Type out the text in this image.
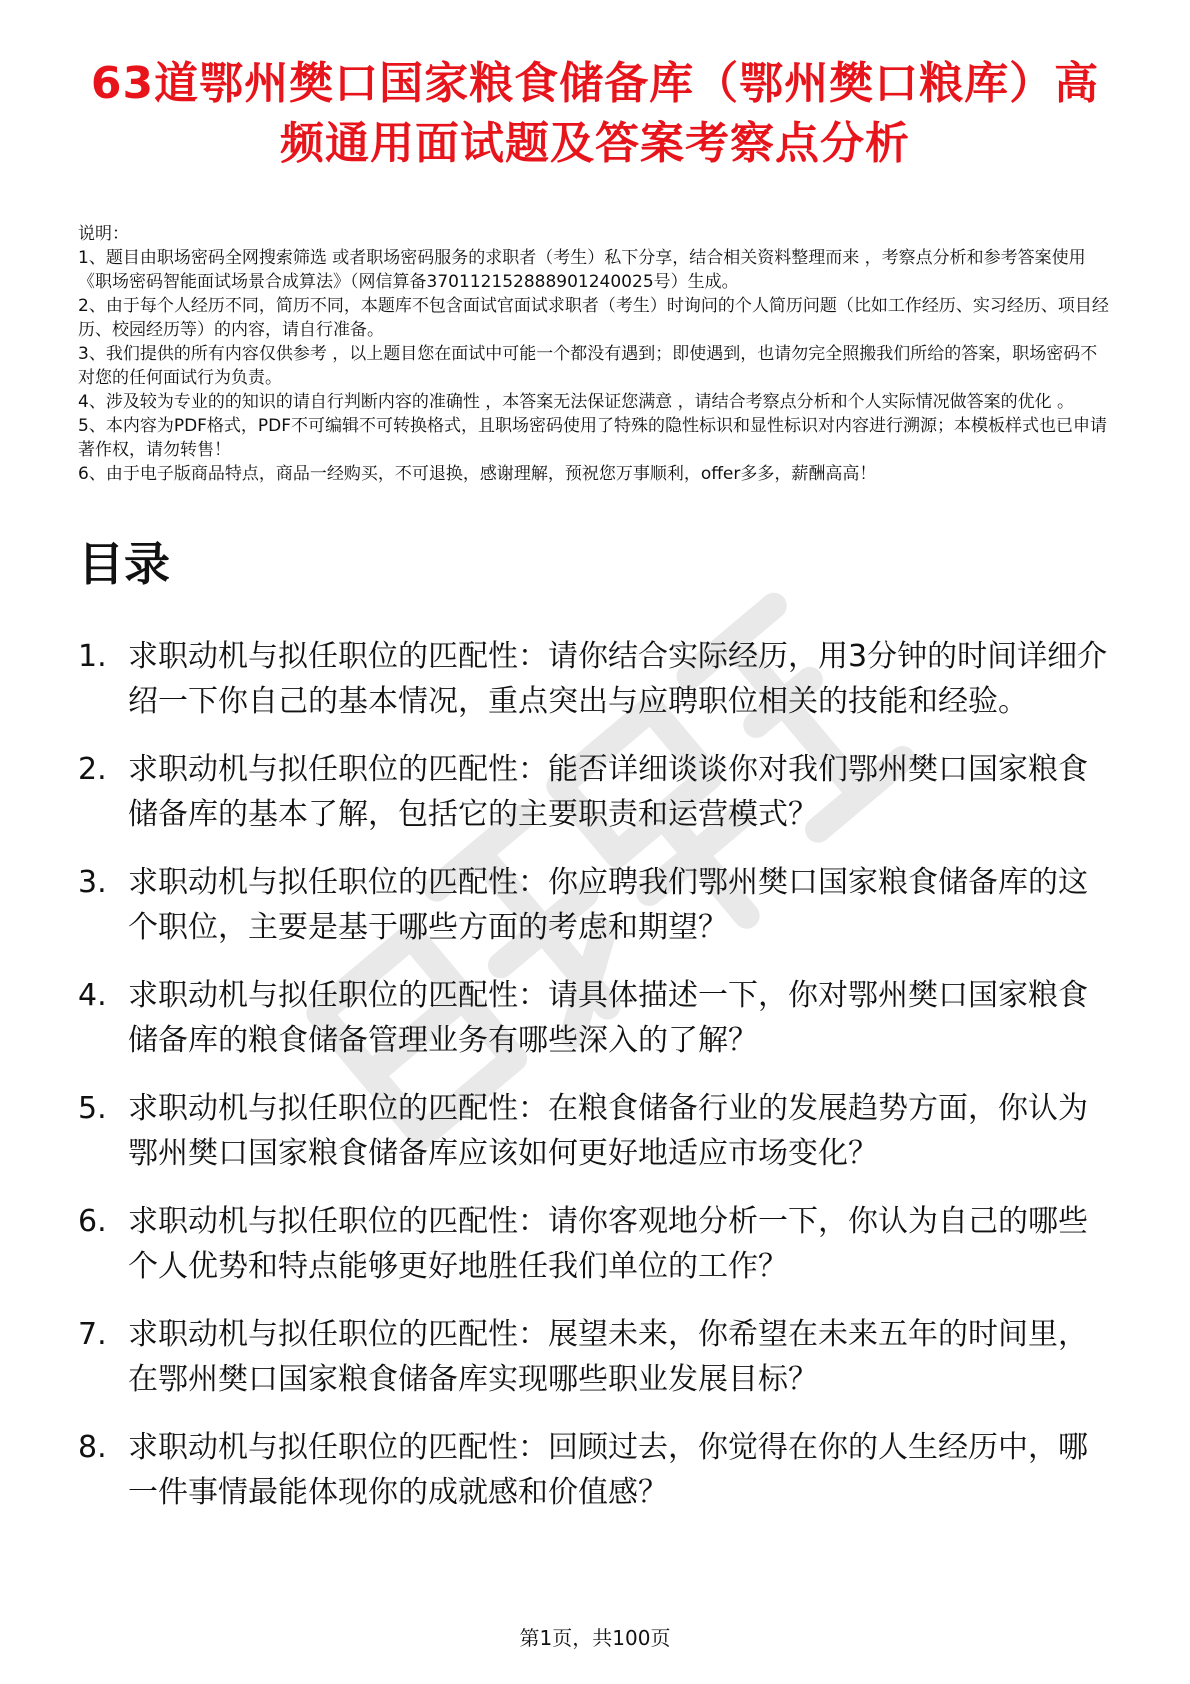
63道鄂州樊口国家粮食储备库（鄂州樊口粮库）高频通用面试题及答案考察点分析

说明：

1、题目由职场密码全网搜索筛选 或者职场密码服务的求职者（考生）私下分享，结合相关资料整理而来 ，考察点分析和参考答案使用《职场密码智能面试场景合成算法》（网信算备370112152888901240025号）生成。

2、由于每个人经历不同，简历不同，本题库不包含面试官面试求职者（考生）时询问的个人简历问题（比如工作经历、实习经历、项目经历、校园经历等）的内容，请自行准备。

3、我们提供的所有内容仅供参考 ，以上题目您在面试中可能一个都没有遇到；即使遇到，也请勿完全照搬我们所给的答案，职场密码不对您的任何面试行为负责。

4、涉及较为专业的的知识的请自行判断内容的准确性 ，本答案无法保证您满意 ，请结合考察点分析和个人实际情况做答案的优化 。

5、本内容为PDF格式，PDF不可编辑不可转换格式，且职场密码使用了特殊的隐性标识和显性标识对内容进行溯源；本模板样式也已申请著作权，请勿转售！

6、由于电子版商品特点，商品一经购买，不可退换，感谢理解，预祝您万事顺利，offer多多，薪酬高高！

目录
1. 求职动机与拟任职位的匹配性：请你结合实际经历，用3分钟的时间详细介绍一下你自己的基本情况，重点突出与应聘职位相关的技能和经验。
2. 求职动机与拟任职位的匹配性：能否详细谈谈你对我们鄂州樊口国家粮食储备库的基本了解，包括它的主要职责和运营模式？
3. 求职动机与拟任职位的匹配性：你应聘我们鄂州樊口国家粮食储备库的这个职位，主要是基于哪些方面的考虑和期望？
4. 求职动机与拟任职位的匹配性：请具体描述一下，你对鄂州樊口国家粮食储备库的粮食储备管理业务有哪些深入的了解？
5. 求职动机与拟任职位的匹配性：在粮食储备行业的发展趋势方面，你认为鄂州樊口国家粮食储备库应该如何更好地适应市场变化？
6. 求职动机与拟任职位的匹配性：请你客观地分析一下，你认为自己的哪些个人优势和特点能够更好地胜任我们单位的工作？
7. 求职动机与拟任职位的匹配性：展望未来，你希望在未来五年的时间里，在鄂州樊口国家粮食储备库实现哪些职业发展目标？
8. 求职动机与拟任职位的匹配性：回顾过去，你觉得在你的人生经历中，哪一件事情最能体现你的成就感和价值感？
第1页，共100页
